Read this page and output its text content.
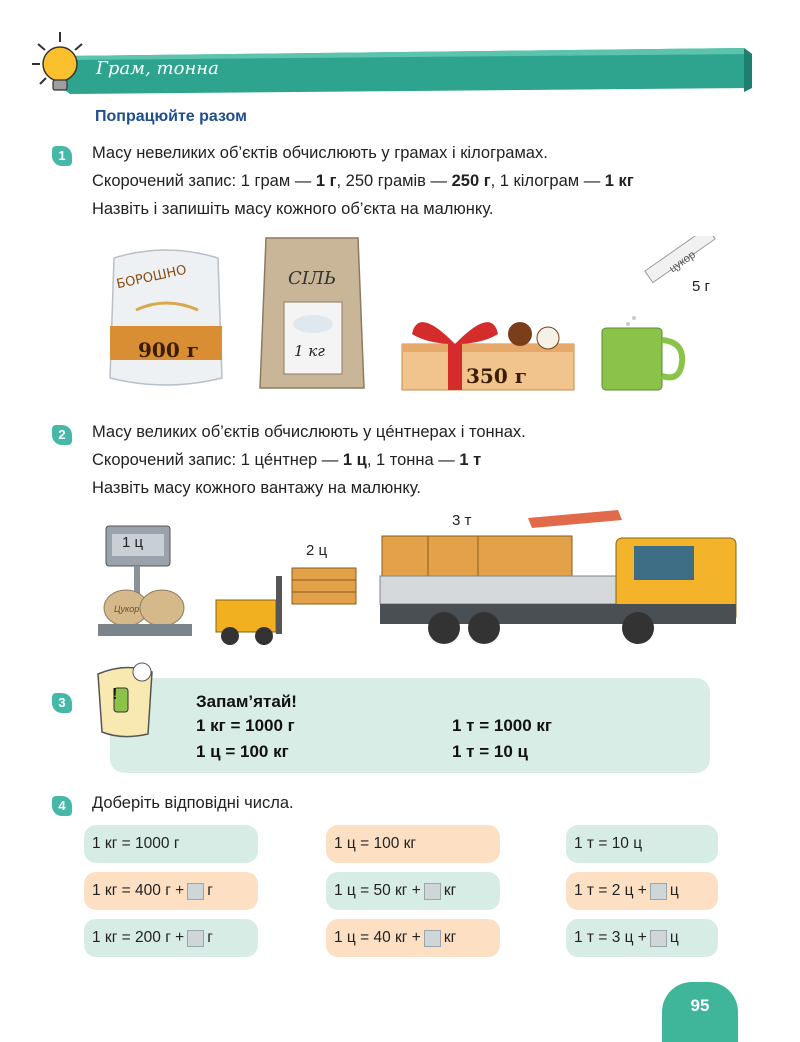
Грам, тонна
Попрацюйте разом
1	Масу невеликих об’єктів обчислюють у грамах і кілограмах.
Скорочений запис: 1 грам — 1 г, 250 грамів — 250 г, 1 кілограм — 1 кг
Назвіть і запишіть масу кожного об’єкта на малюнку.
БОРОШНО
900 г
СІЛЬ
1 кг
350 г
цукор
5 г
2	Масу великих об’єктів обчислюють у цéнтнерах і тоннах.
Скорочений запис: 1 цéнтнер — 1 ц, 1 тонна — 1 т
Назвіть масу кожного вантажу на малюнку.
1 ц
Цукор
2 ц
3 т
3	!	Запам’ятай!
1 кг = 1000 г	1 т = 1000 кг
1 ц = 100 кг	1 т = 10 ц
4	Доберіть відповідні числа.
1 кг = 1000 г
1 кг = 400 г + г
1 кг = 200 г + г
1 ц = 100 кг
1 ц = 50 кг + кг
1 ц = 40 кг + кг
1 т = 10 ц
1 т = 2 ц + ц
1 т = 3 ц + ц
95
